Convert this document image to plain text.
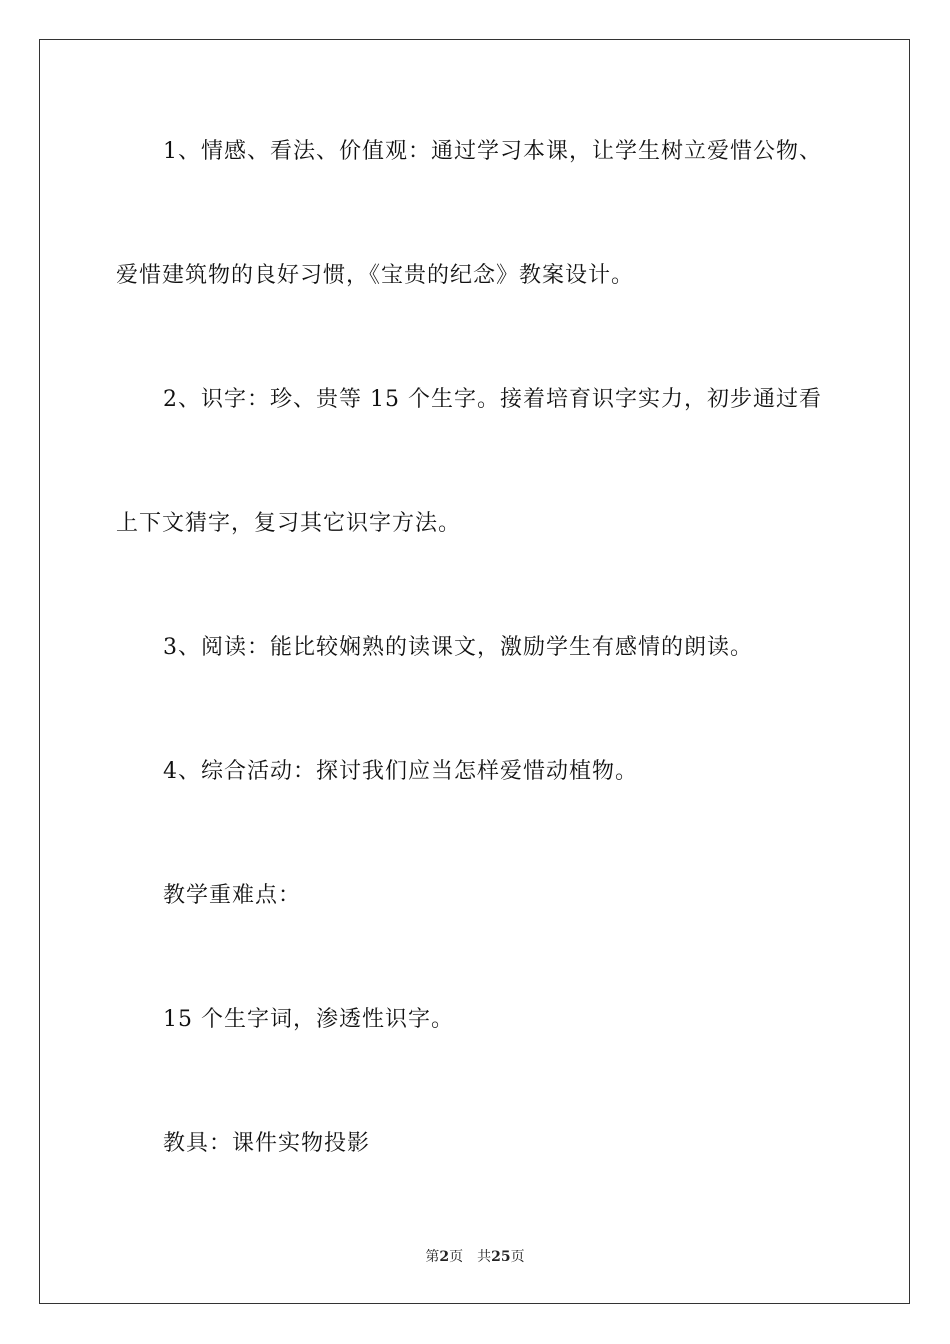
1、情感、看法、价值观：通过学习本课，让学生树立爱惜公物、
爱惜建筑物的良好习惯，《宝贵的纪念》教案设计。
2、识字：珍、贵等 15 个生字。接着培育识字实力，初步通过看
上下文猜字，复习其它识字方法。
3、阅读：能比较娴熟的读课文，激励学生有感情的朗读。
4、综合活动：探讨我们应当怎样爱惜动植物。
教学重难点：
15 个生字词，渗透性识字。
教具：课件实物投影
第2页 共25页
